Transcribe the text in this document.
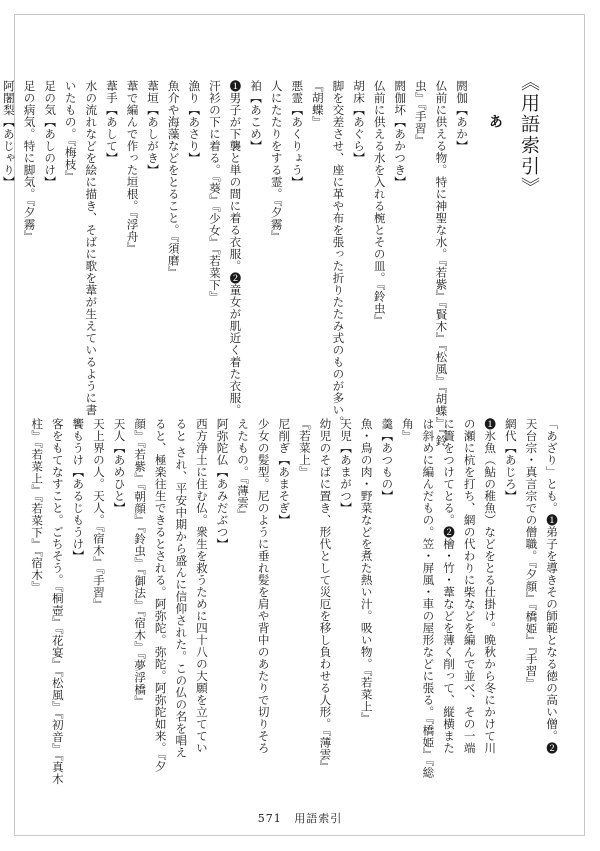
《用語索引》
あ
閼伽【あか】
仏前に供える物。特に神聖な水。『若紫』『賢木』『松風』『胡蝶』『鈴
虫』『手習』
閼伽坏【あかつき】
仏前に供える水を入れる椀とその皿。『鈴虫』
胡床【あぐら】
脚を交差させ、座に革や布を張った折りたたみ式のものが多い。
『胡蝶』
悪霊【あくりょう】
人にたたりをする霊。『夕霧』
袙【あこめ】
❶男子が下襲と単の間に着る衣服。❷童女が肌近く着た衣服。
汗衫の下に着る。『葵』『少女』『若菜下』
漁り【あさり】
魚介や海藻などをとること。『須磨』
葦垣【あしがき】
葦で編んで作った垣根。『浮舟』
葦手【あして】
水の流れなどを絵に描き、そばに歌を葦が生えているように書
いたもの。『梅枝』
足の気【あしのけ】
足の病気。特に脚気。『夕霧』
阿闍梨【あじゃり】
「あざり」とも。❶弟子を導きその師範となる徳の高い僧。❷
天台宗・真言宗での僧職。『夕顔』『橋姫』『手習』
網代【あじろ】
❶氷魚（鮎の稚魚）などをとる仕掛け。晩秋から冬にかけて川
の瀬に杭を打ち、網の代わりに柴などを編んで並べ、その一端
に簀をつけてとる。❷檜・竹・葦などを薄く削って、縦横また
は斜めに編んだもの。笠・屏風・車の屋形などに張る。『橋姫』『総
角』
羹【あつもの】
魚・鳥の肉・野菜などを煮た熱い汁。吸い物。『若菜上』
天児【あまがつ】
幼児のそばに置き、形代として災厄を移し負わせる人形。『薄雲』
『若菜上』
尼削ぎ【あまそぎ】
少女の髪型。尼のように垂れ髪を肩や背中のあたりで切りそろ
えたもの。『薄雲』
阿弥陀仏【あみだぶつ】
西方浄土に住む仏。衆生を救うために四十八の大願を立ててい
ると され、平安中期から盛んに信仰された。この仏の名を唱え
ると、極楽往生できるとされる。阿弥陀。弥陀。阿弥陀如来。『夕
顔』『若紫』『朝顔』『鈴虫』『御法』『宿木』『夢浮橋』
天人【あめひと】
天上界の人。天人。『宿木』『手習』
饗もうけ【あるじもうけ】
客をもてなすこと。ごちそう。『桐壺』『花宴』『松風』『初音』『真木
柱』『若菜上』『若菜下』『宿木』
571 用語索引
